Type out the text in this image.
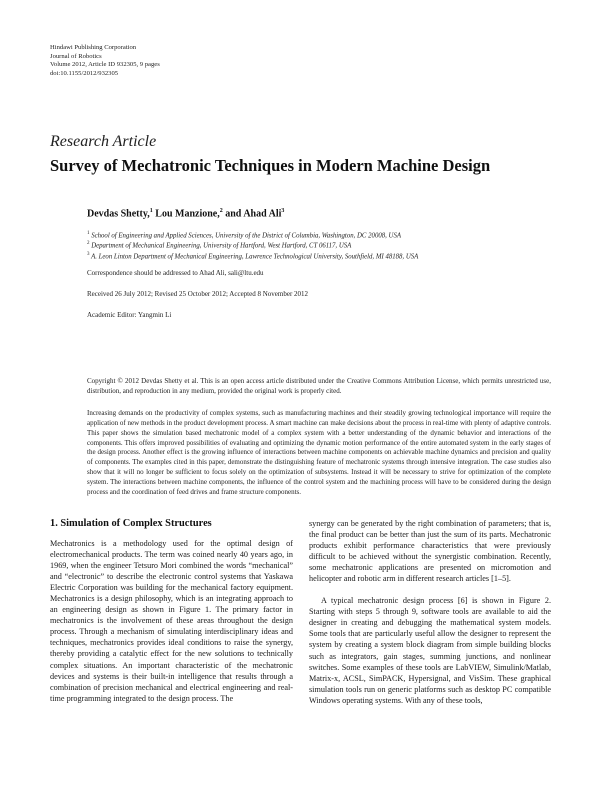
Hindawi Publishing Corporation
Journal of Robotics
Volume 2012, Article ID 932305, 9 pages
doi:10.1155/2012/932305
Research Article
Survey of Mechatronic Techniques in Modern Machine Design
Devdas Shetty,$^1$ Lou Manzione,$^2$ and Ahad Ali$^3$
$^1$ School of Engineering and Applied Sciences, University of the District of Columbia, Washington, DC 20008, USA
$^2$ Department of Mechanical Engineering, University of Hartford, West Hartford, CT 06117, USA
$^3$ A. Leon Linton Department of Mechanical Engineering, Lawrence Technological University, Southfield, MI 48188, USA
Correspondence should be addressed to Ahad Ali, sali@ltu.edu
Received 26 July 2012; Revised 25 October 2012; Accepted 8 November 2012
Academic Editor: Yangmin Li
Copyright © 2012 Devdas Shetty et al. This is an open access article distributed under the Creative Commons Attribution License, which permits unrestricted use, distribution, and reproduction in any medium, provided the original work is properly cited.
Increasing demands on the productivity of complex systems, such as manufacturing machines and their steadily growing technological importance will require the application of new methods in the product development process. A smart machine can make decisions about the process in real-time with plenty of adaptive controls. This paper shows the simulation based mechatronic model of a complex system with a better understanding of the dynamic behavior and interactions of the components. This offers improved possibilities of evaluating and optimizing the dynamic motion performance of the entire automated system in the early stages of the design process. Another effect is the growing influence of interactions between machine components on achievable machine dynamics and precision and quality of components. The examples cited in this paper, demonstrate the distinguishing feature of mechatronic systems through intensive integration. The case studies also show that it will no longer be sufficient to focus solely on the optimization of subsystems. Instead it will be necessary to strive for optimization of the complete system. The interactions between machine components, the influence of the control system and the machining process will have to be considered during the design process and the coordination of feed drives and frame structure components.
1. Simulation of Complex Structures

Mechatronics is a methodology used for the optimal design of electromechanical products. The term was coined nearly 40 years ago, in 1969, when the engineer Tetsuro Mori combined the words “mechanical” and “electronic” to describe the electronic control systems that Yaskawa Electric Corporation was building for the mechanical factory equipment. Mechatronics is a design philosophy, which is an integrating approach to an engineering design as shown in Figure 1. The primary factor in mechatronics is the involvement of these areas throughout the design process. Through a mechanism of simulating interdisciplinary ideas and techniques, mechatronics provides ideal conditions to raise the synergy, thereby providing a catalytic effect for the new solutions to technically complex situations. An important characteristic of the mechatronic devices and systems is their built-in intelligence that results through a combination of precision mechanical and electrical engineering and real-time programming integrated to the design process. The

synergy can be generated by the right combination of parameters; that is, the final product can be better than just the sum of its parts. Mechatronic products exhibit performance characteristics that were previously difficult to be achieved without the synergistic combination. Recently, some mechatronic applications are presented on micromotion and helicopter and robotic arm in different research articles [1–5].

A typical mechatronic design process [6] is shown in Figure 2. Starting with steps 5 through 9, software tools are available to aid the designer in creating and debugging the mathematical system models. Some tools that are particularly useful allow the designer to represent the system by creating a system block diagram from simple building blocks such as integrators, gain stages, summing junctions, and nonlinear switches. Some examples of these tools are LabVIEW, Simulink/Matlab, Matrix-x, ACSL, SimPACK, Hypersignal, and VisSim. These graphical simulation tools run on generic platforms such as desktop PC compatible Windows operating systems. With any of these tools,
